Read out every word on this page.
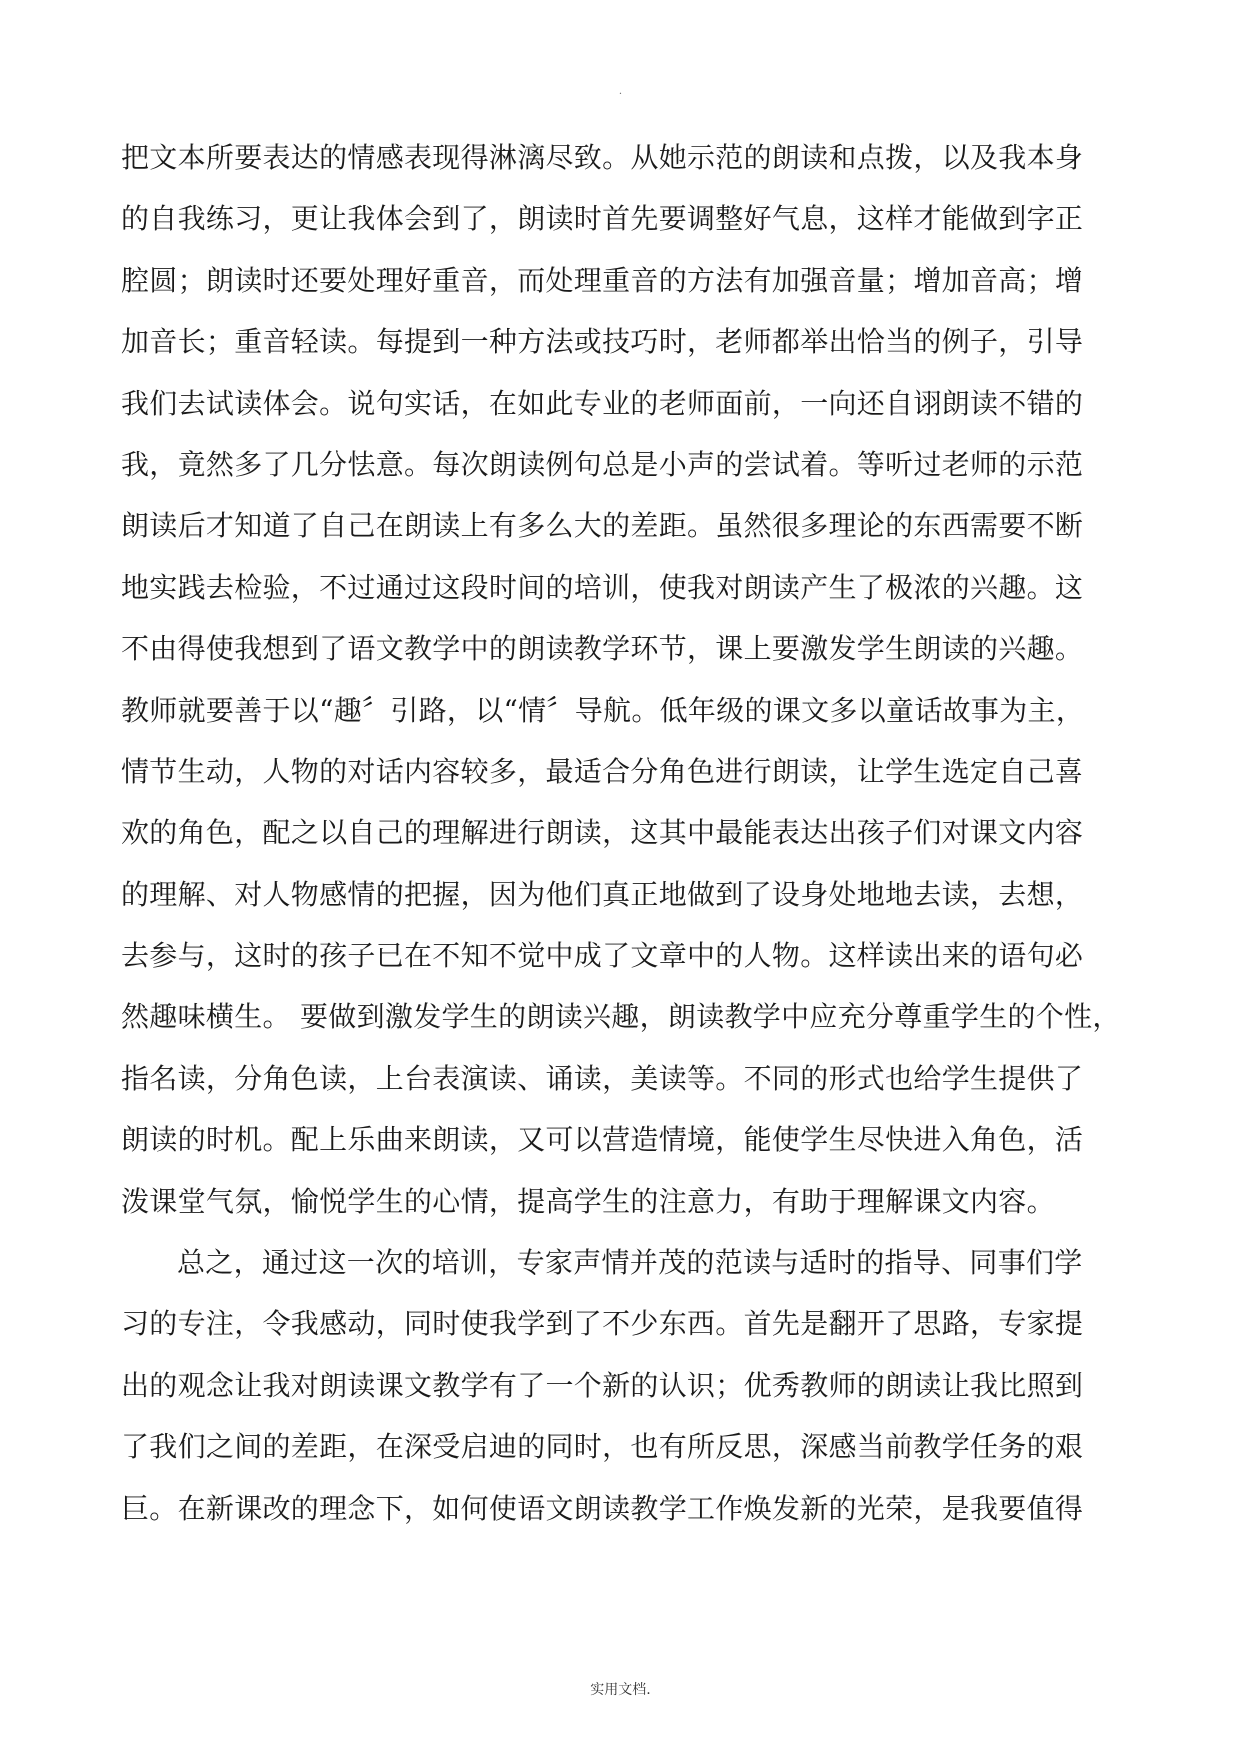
.
把文本所要表达的情感表现得淋漓尽致。从她示范的朗读和点拨，以及我本身
的自我练习，更让我体会到了，朗读时首先要调整好气息，这样才能做到字正
腔圆；朗读时还要处理好重音，而处理重音的方法有加强音量；增加音高；增
加音长；重音轻读。每提到一种方法或技巧时，老师都举出恰当的例子，引导
我们去试读体会。说句实话，在如此专业的老师面前，一向还自诩朗读不错的
我，竟然多了几分怯意。每次朗读例句总是小声的尝试着。等听过老师的示范
朗读后才知道了自己在朗读上有多么大的差距。虽然很多理论的东西需要不断
地实践去检验，不过通过这段时间的培训，使我对朗读产生了极浓的兴趣。这
不由得使我想到了语文教学中的朗读教学环节，课上要激发学生朗读的兴趣。
教师就要善于以“趣〞引路，以“情〞导航。低年级的课文多以童话故事为主，
情节生动，人物的对话内容较多，最适合分角色进行朗读，让学生选定自己喜
欢的角色，配之以自己的理解进行朗读，这其中最能表达出孩子们对课文内容
的理解、对人物感情的把握，因为他们真正地做到了设身处地地去读，去想，
去参与，这时的孩子已在不知不觉中成了文章中的人物。这样读出来的语句必
然趣味横生。 要做到激发学生的朗读兴趣，朗读教学中应充分尊重学生的个性，
指名读，分角色读，上台表演读、诵读，美读等。不同的形式也给学生提供了
朗读的时机。配上乐曲来朗读，又可以营造情境，能使学生尽快进入角色，活
泼课堂气氛，愉悦学生的心情，提高学生的注意力，有助于理解课文内容。
总之，通过这一次的培训，专家声情并茂的范读与适时的指导、同事们学
习的专注，令我感动，同时使我学到了不少东西。首先是翻开了思路，专家提
出的观念让我对朗读课文教学有了一个新的认识；优秀教师的朗读让我比照到
了我们之间的差距，在深受启迪的同时，也有所反思，深感当前教学任务的艰
巨。在新课改的理念下，如何使语文朗读教学工作焕发新的光荣，是我要值得
实用文档.
